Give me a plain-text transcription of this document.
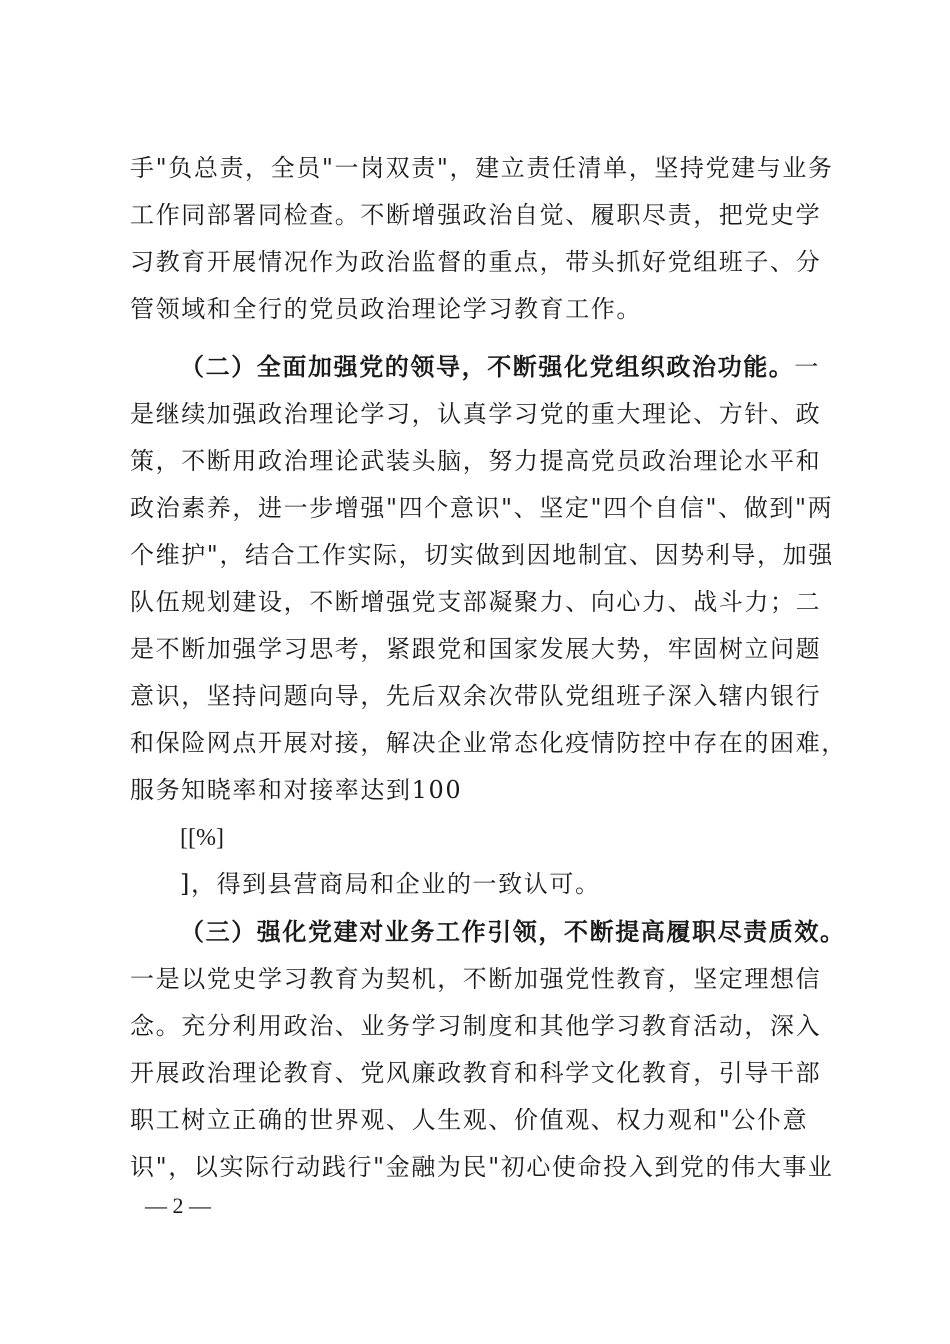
手"负总责，全员"一岗双责"，建立责任清单，坚持党建与业务
工作同部署同检查。不断增强政治自觉、履职尽责，把党史学
习教育开展情况作为政治监督的重点，带头抓好党组班子、分
管领域和全行的党员政治理论学习教育工作。
（二）全面加强党的领导，不断强化党组织政治功能。一
是继续加强政治理论学习，认真学习党的重大理论、方针、政
策，不断用政治理论武装头脑，努力提高党员政治理论水平和
政治素养，进一步增强"四个意识"、坚定"四个自信"、做到"两
个维护"，结合工作实际，切实做到因地制宜、因势利导，加强
队伍规划建设，不断增强党支部凝聚力、向心力、战斗力；二
是不断加强学习思考，紧跟党和国家发展大势，牢固树立问题
意识，坚持问题向导，先后双余次带队党组班子深入辖内银行
和保险网点开展对接，解决企业常态化疫情防控中存在的困难，
服务知晓率和对接率达到100
[[%]
]，得到县营商局和企业的一致认可。
（三）强化党建对业务工作引领，不断提高履职尽责质效。
一是以党史学习教育为契机，不断加强党性教育，坚定理想信
念。充分利用政治、业务学习制度和其他学习教育活动，深入
开展政治理论教育、党风廉政教育和科学文化教育，引导干部
职工树立正确的世界观、人生观、价值观、权力观和"公仆意
识"，以实际行动践行"金融为民"初心使命投入到党的伟大事业
— 2 —
